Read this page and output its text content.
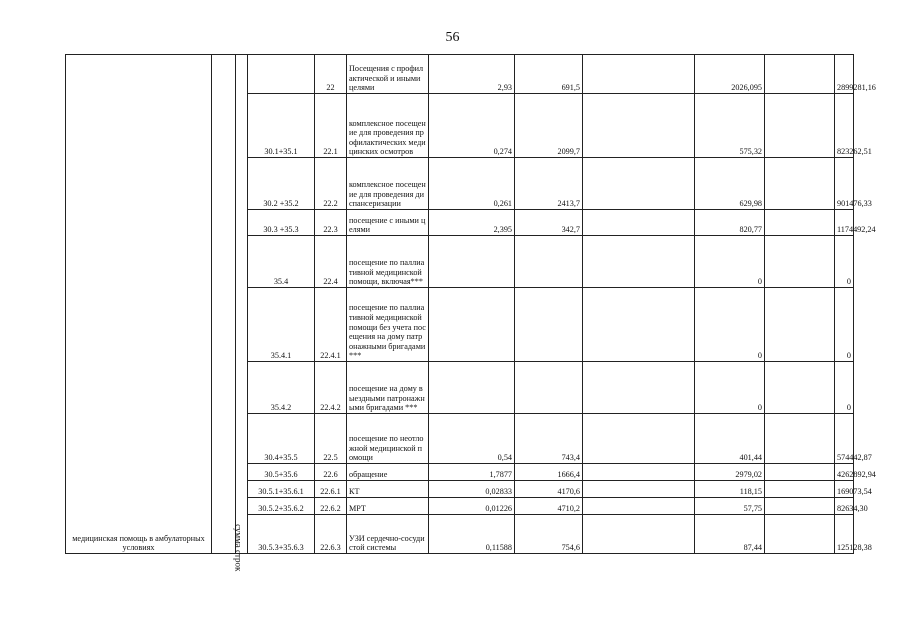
56
медицинская помощь в амбулаторных условиях	сумма строк			22	Посещения с профилактической и иными целями	2,93	691,5		2026,095		2899281,16	
			30.1+35.1	22.1	комплексное посещение для проведения профилактических медицинских осмотров	0,274	2099,7		575,32		823262,51	
			30.2 +35.2	22.2	комплексное посещение для проведения диспансеризации	0,261	2413,7		629,98		901476,33	
			30.3 +35.3	22.3	посещение с иными целями	2,395	342,7		820,77		1174492,24	
			35.4	22.4	посещение по паллиативной медицинской помощи, включая***				0		0	
			35.4.1	22.4.1	посещение по паллиативной медицинской помощи без учета посещения на дому патронажными бригадами ***				0		0	
			35.4.2	22.4.2	посещение на дому выездными патронажными бригадами ***				0		0	
			30.4+35.5	22.5	посещение по неотложной медицинской помощи	0,54	743,4		401,44		574442,87	
			30.5+35.6	22.6	обращение	1,7877	1666,4		2979,02		4262892,94	
			30.5.1+35.6.1	22.6.1	КТ	0,02833	4170,6		118,15		169073,54	
			30.5.2+35.6.2	22.6.2	МРТ	0,01226	4710,2		57,75		82634,30	
			30.5.3+35.6.3	22.6.3	УЗИ сердечно-сосудистой системы	0,11588	754,6		87,44		125128,38	
